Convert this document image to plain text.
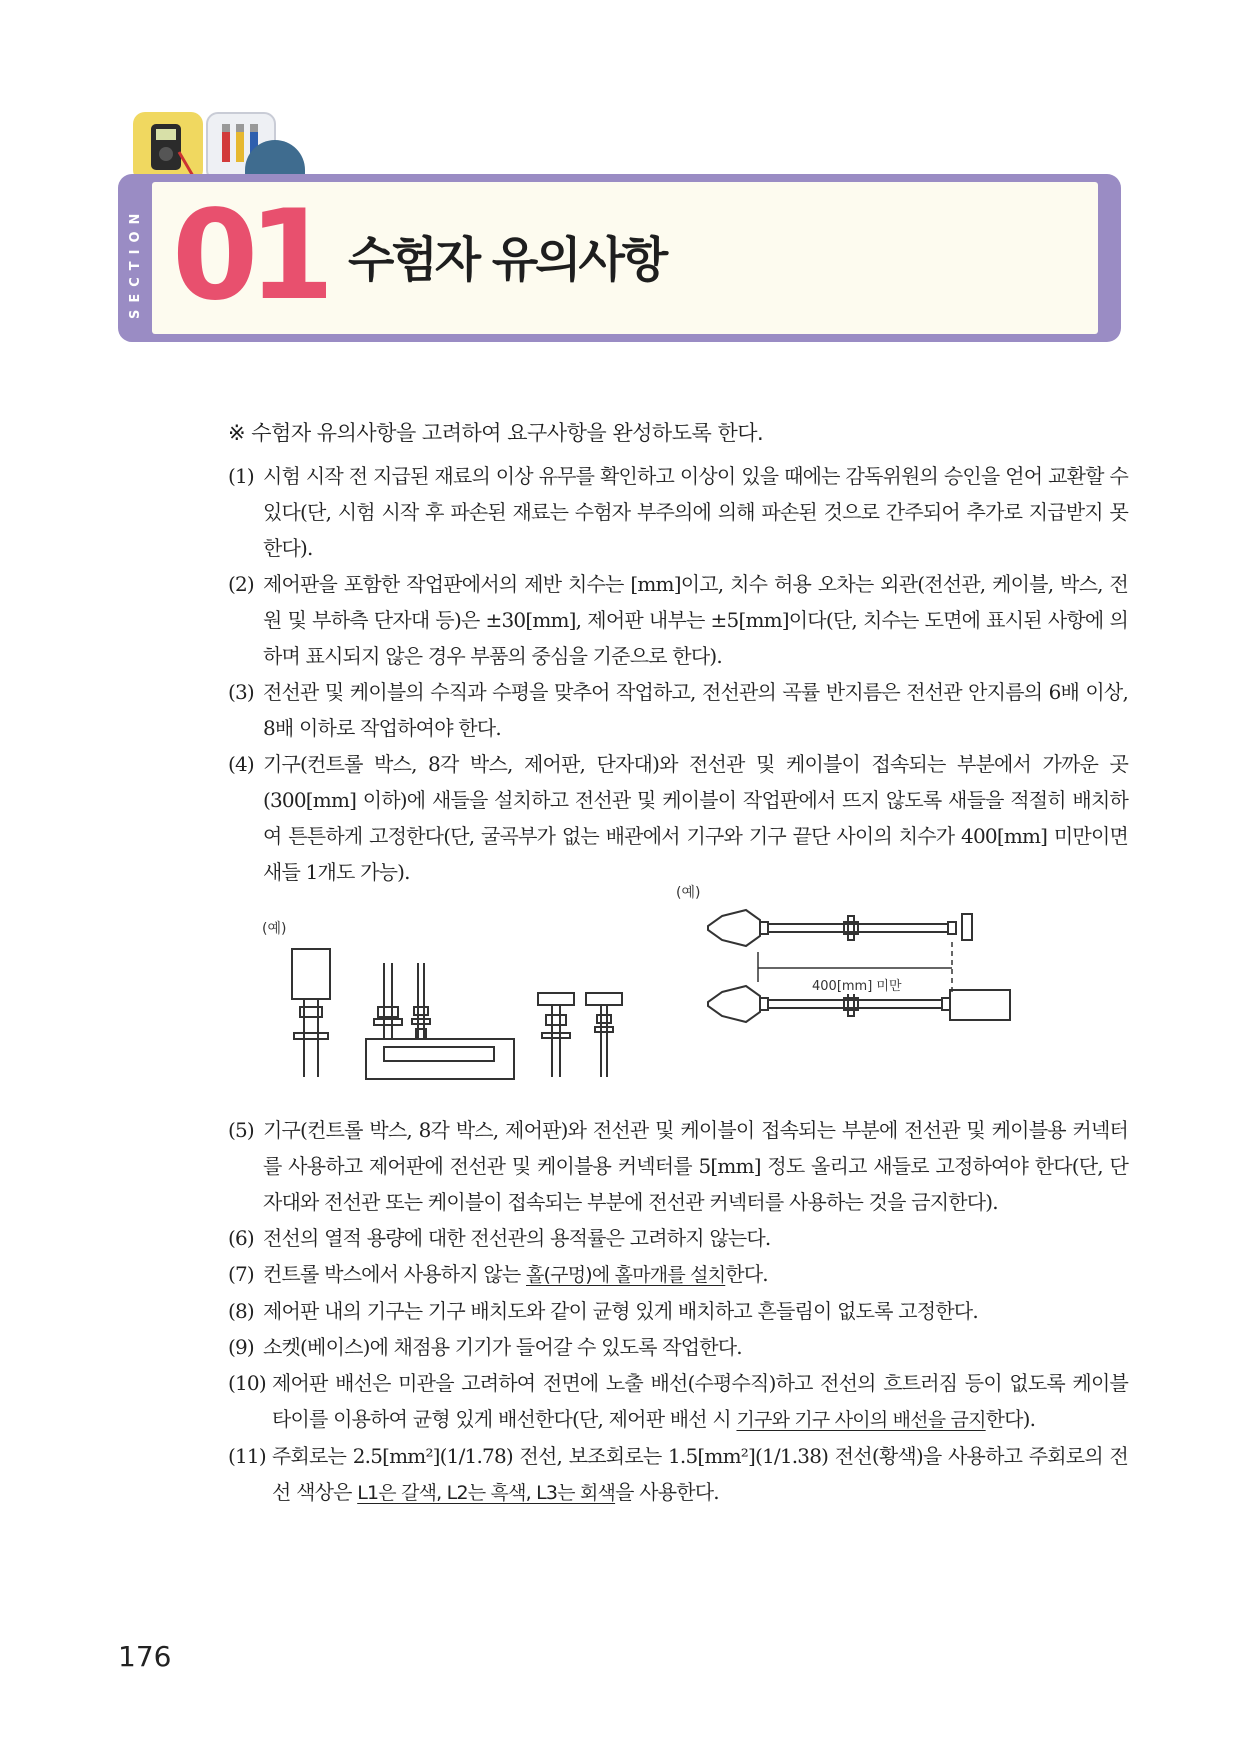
SECTION 01 수험자 유의사항
※ 수험자 유의사항을 고려하여 요구사항을 완성하도록 한다.

(1) 시험 시작 전 지급된 재료의 이상 유무를 확인하고 이상이 있을 때에는 감독위원의 승인을 얻어 교환할 수 있다(단, 시험 시작 후 파손된 재료는 수험자 부주의에 의해 파손된 것으로 간주되어 추가로 지급받지 못한다).

(2) 제어판을 포함한 작업판에서의 제반 치수는 [mm]이고, 치수 허용 오차는 외관(전선관, 케이블, 박스, 전원 및 부하측 단자대 등)은 ±30[mm], 제어판 내부는 ±5[mm]이다(단, 치수는 도면에 표시된 사항에 의하며 표시되지 않은 경우 부품의 중심을 기준으로 한다).

(3) 전선관 및 케이블의 수직과 수평을 맞추어 작업하고, 전선관의 곡률 반지름은 전선관 안지름의 6배 이상, 8배 이하로 작업하여야 한다.

(4) 기구(컨트롤 박스, 8각 박스, 제어판, 단자대)와 전선관 및 케이블이 접속되는 부분에서 가까운 곳(300[mm] 이하)에 새들을 설치하고 전선관 및 케이블이 작업판에서 뜨지 않도록 새들을 적절히 배치하여 튼튼하게 고정한다(단, 굴곡부가 없는 배관에서 기구와 기구 끝단 사이의 치수가 400[mm] 미만이면 새들 1개도 가능).

(5) 기구(컨트롤 박스, 8각 박스, 제어판)와 전선관 및 케이블이 접속되는 부분에 전선관 및 케이블용 커넥터를 사용하고 제어판에 전선관 및 케이블용 커넥터를 5[mm] 정도 올리고 새들로 고정하여야 한다(단, 단자대와 전선관 또는 케이블이 접속되는 부분에 전선관 커넥터를 사용하는 것을 금지한다).

(6) 전선의 열적 용량에 대한 전선관의 용적률은 고려하지 않는다.

(7) 컨트롤 박스에서 사용하지 않는 홀(구멍)에 홀마개를 설치한다.

(8) 제어판 내의 기구는 기구 배치도와 같이 균형 있게 배치하고 흔들림이 없도록 고정한다.

(9) 소켓(베이스)에 채점용 기기가 들어갈 수 있도록 작업한다.

(10) 제어판 배선은 미관을 고려하여 전면에 노출 배선(수평수직)하고 전선의 흐트러짐 등이 없도록 케이블 타이를 이용하여 균형 있게 배선한다(단, 제어판 배선 시 기구와 기구 사이의 배선을 금지한다).

(11) 주회로는 2.5[mm²](1/1.78) 전선, 보조회로는 1.5[mm²](1/1.38) 전선(황색)을 사용하고 주회로의 전선 색상은 L1은 갈색, L2는 흑색, L3는 회색을 사용한다.

(예)
(예)
400[mm] 미만
176
